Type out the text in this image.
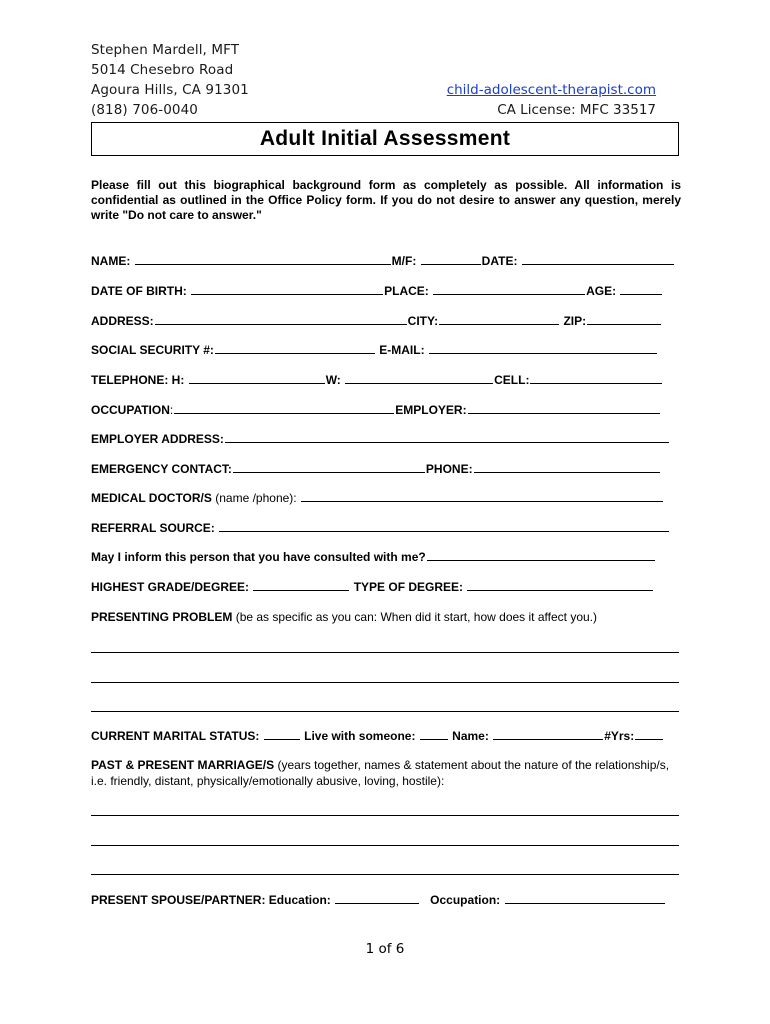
Stephen Mardell, MFT
5014 Chesebro Road
Agoura Hills, CA 91301
(818) 706-0040
child-adolescent-therapist.com
CA License: MFC 33517
Adult Initial Assessment
Please fill out this biographical background form as completely as possible. All information is confidential as outlined in the Office Policy form. If you do not desire to answer any question, merely write "Do not care to answer."
NAME:	M/F:	DATE:
DATE OF BIRTH:	PLACE:	AGE:
ADDRESS:	CITY:	ZIP:
SOCIAL SECURITY #:	E-MAIL:
TELEPHONE: H:	W:	CELL:
OCCUPATION:	EMPLOYER:
EMPLOYER ADDRESS:
EMERGENCY CONTACT:	PHONE:
MEDICAL DOCTOR/S (name /phone):
REFERRAL SOURCE:
May I inform this person that you have consulted with me?
HIGHEST GRADE/DEGREE:	TYPE OF DEGREE:
PRESENTING PROBLEM (be as specific as you can: When did it start, how does it affect you.)
CURRENT MARITAL STATUS:	Live with someone:	Name:	#Yrs:
PAST & PRESENT MARRIAGE/S (years together, names & statement about the nature of the relationship/s, i.e. friendly, distant, physically/emotionally abusive, loving, hostile):
PRESENT SPOUSE/PARTNER: Education:	Occupation:
1 of 6
